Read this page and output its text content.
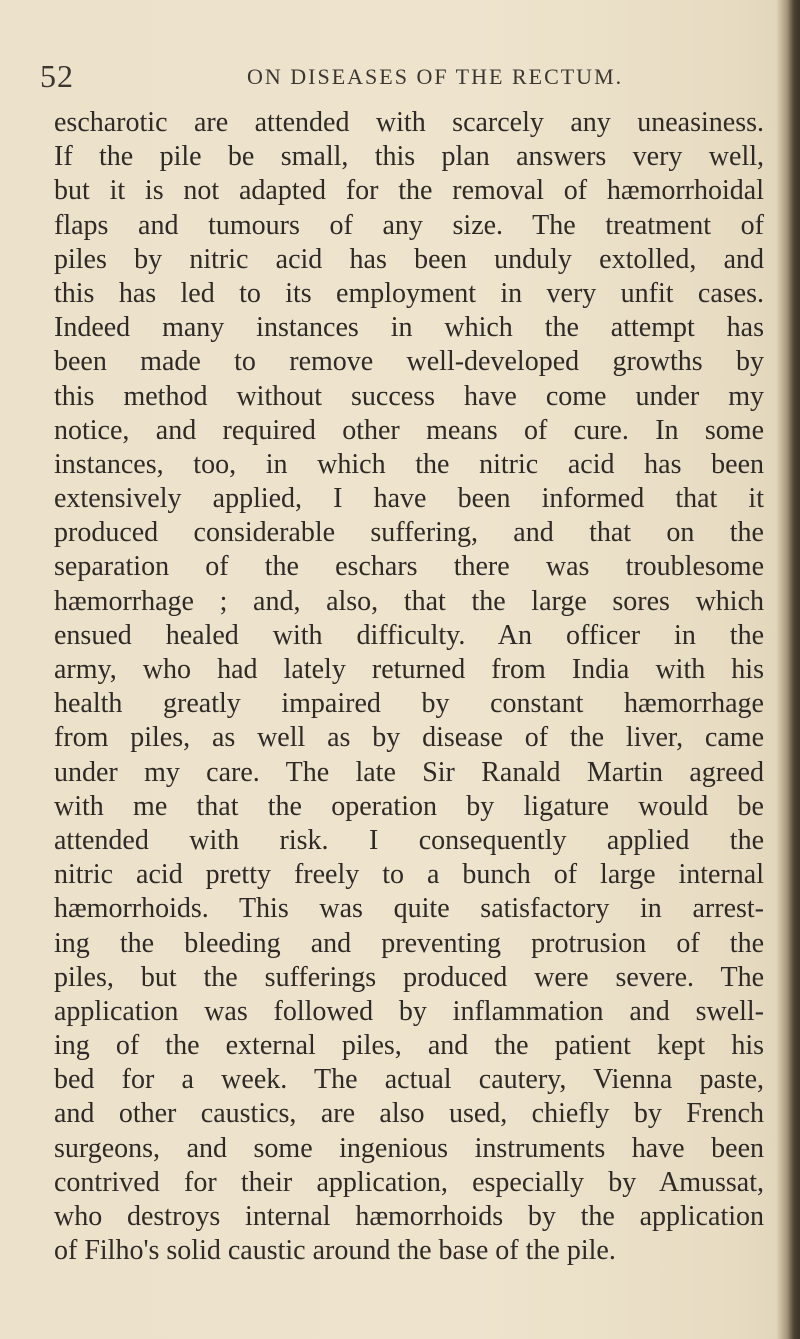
52	ON DISEASES OF THE RECTUM.
escharotic are attended with scarcely any uneasiness.
If the pile be small, this plan answers very well,
but it is not adapted for the removal of hæmorrhoidal
flaps and tumours of any size. The treatment of
piles by nitric acid has been unduly extolled, and
this has led to its employment in very unfit cases.
Indeed many instances in which the attempt has
been made to remove well-developed growths by
this method without success have come under my
notice, and required other means of cure. In some
instances, too, in which the nitric acid has been
extensively applied, I have been informed that it
produced considerable suffering, and that on the
separation of the eschars there was troublesome
hæmorrhage ; and, also, that the large sores which
ensued healed with difficulty. An officer in the
army, who had lately returned from India with his
health greatly impaired by constant hæmorrhage
from piles, as well as by disease of the liver, came
under my care. The late Sir Ranald Martin agreed
with me that the operation by ligature would be
attended with risk. I consequently applied the
nitric acid pretty freely to a bunch of large internal
hæmorrhoids. This was quite satisfactory in arrest-
ing the bleeding and preventing protrusion of the
piles, but the sufferings produced were severe. The
application was followed by inflammation and swell-
ing of the external piles, and the patient kept his
bed for a week. The actual cautery, Vienna paste,
and other caustics, are also used, chiefly by French
surgeons, and some ingenious instruments have been
contrived for their application, especially by Amussat,
who destroys internal hæmorrhoids by the application
of Filho's solid caustic around the base of the pile.
